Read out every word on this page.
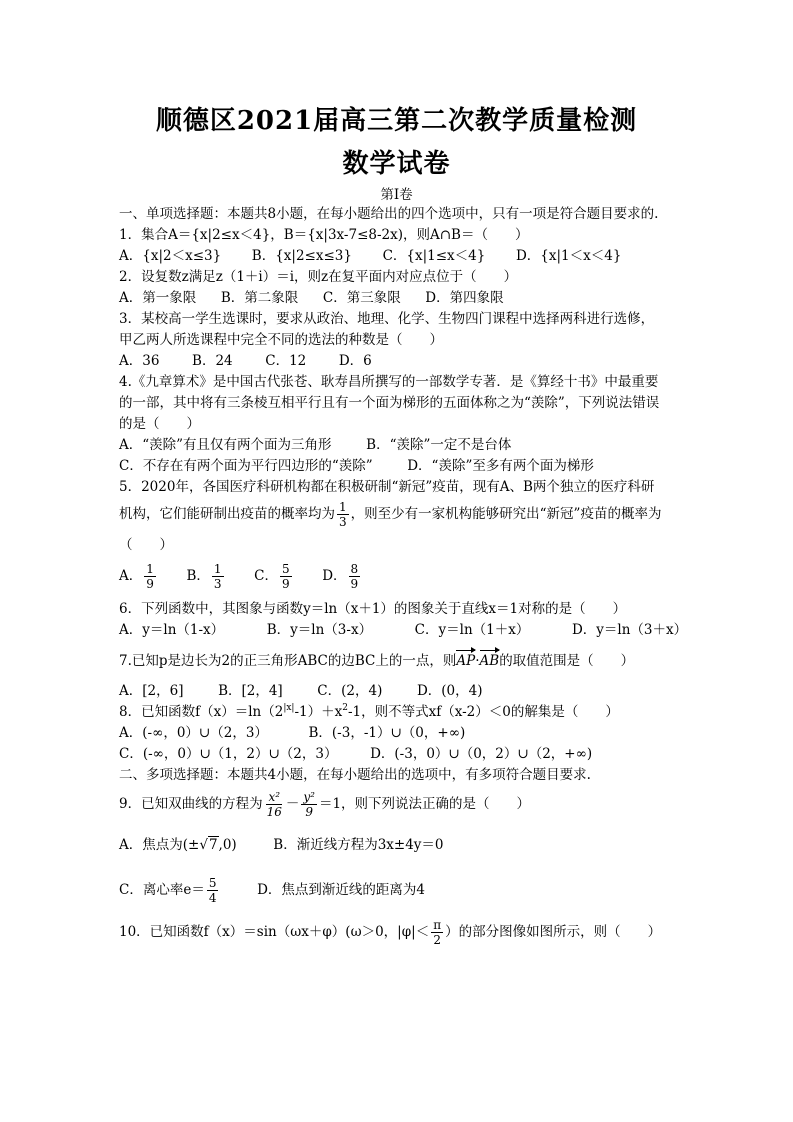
顺德区2021届高三第二次教学质量检测
数学试卷
第Ⅰ卷
一、单项选择题：本题共8小题，在每小题给出的四个选项中，只有一项是符合题目要求的.
1．集合A＝{x|2≤x＜4}，B＝{x|3x-7≤8-2x)，则A∩B＝（　　）
A．{x|2＜x≤3} B．{x|2≤x≤3} C．{x|1≤x＜4} D．{x|1＜x＜4}
2．设复数z满足z（1＋i）＝i，则z在复平面内对应点位于（　　）
A．第一象限 B．第二象限 C．第三象限 D．第四象限
3．某校高一学生选课时，要求从政治、地理、化学、生物四门课程中选择两科进行选修，
甲乙两人所选课程中完全不同的选法的种数是（　　）
A．36 B．24 C．12 D．6
4.《九章算术》是中国古代张苍、耿寿昌所撰写的一部数学专著．是《算经十书》中最重要
的一部，其中将有三条棱互相平行且有一个面为梯形的五面体称之为“羡除”，下列说法错误
的是（　　）
A．“羡除”有且仅有两个面为三角形	B．“羡除”一定不是台体
C．不存在有两个面为平行四边形的“羡除”	D．“羡除”至多有两个面为梯形
5．2020年，各国医疗科研机构都在积极研制“新冠”疫苗，现有A、B两个独立的医疗科研
机构，它们能研制出疫苗的概率均为 $\frac{1}{3}$ ，则至少有一家机构能够研究出“新冠”疫苗的概率为
（　　）
A． $\frac{1}{9}$ B． $\frac{1}{3}$ C． $\frac{5}{9}$ D． $\frac{8}{9}$
6．下列函数中，其图象与函数y＝ln（x＋1）的图象关于直线x＝1对称的是（　　）
A．y＝ln（1-x）	B．y＝ln（3-x）	C．y＝ln（1＋x）	D．y＝ln（3＋x）
7.已知p是边长为2的正三角形ABC的边BC上的一点，则AP·AB的取值范围是（　　）
A．[2，6]	B．[2，4]	C．(2，4)	D．(0，4)
8．已知函数$f(x)=\ln(2^{|x|}-1)+x^2-1$，则不等式xf（x-2）＜0的解集是（　　）
A．(-∞，0）∪（2，3）	B．(-3，-1）∪（0，+∞)
C．(-∞，0）∪（1，2）∪（2，3） D．(-3，0）∪（0，2）∪（2，+∞)
二、多项选择题：本题共4小题，在每小题给出的选项中，有多项符合题目要求.
9．已知双曲线的方程为 $\frac{\text{x²}}{16} - \frac{\text{y²}}{9} =1$，则下列说法正确的是（　　）
A．焦点为(±√7,0)	B．渐近线方程为3x±4y＝0
C．离心率$e= \frac{5}{4}$	D．焦点到渐近线的距离为4
10．已知函数f（x）＝sin（ωx＋φ）(ω＞0，$|\varphi|< \frac{\pi}{2}$ ）的部分图像如图所示，则（　　）
